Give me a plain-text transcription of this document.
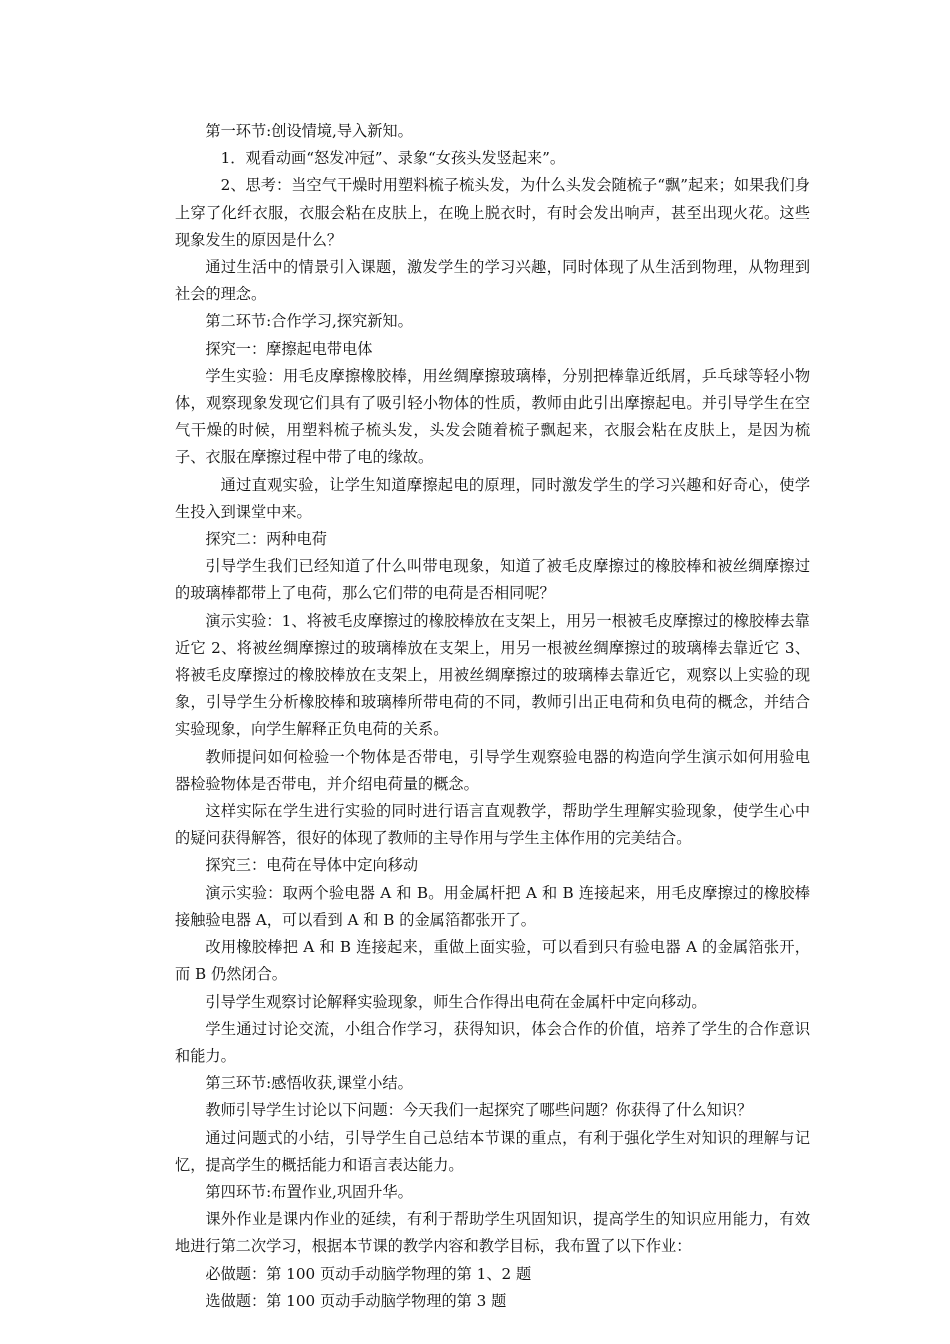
第一环节:创设情境,导入新知。

1．观看动画“怒发冲冠”、录象“女孩头发竖起来”。

2、思考：当空气干燥时用塑料梳子梳头发，为什么头发会随梳子“飘”起来；如果我们身上穿了化纤衣服，衣服会粘在皮肤上，在晚上脱衣时，有时会发出响声，甚至出现火花。这些现象发生的原因是什么？

通过生活中的情景引入课题，激发学生的学习兴趣，同时体现了从生活到物理，从物理到社会的理念。

第二环节:合作学习,探究新知。

探究一：摩擦起电带电体

学生实验：用毛皮摩擦橡胶棒，用丝绸摩擦玻璃棒，分别把棒靠近纸屑，乒乓球等轻小物体，观察现象发现它们具有了吸引轻小物体的性质，教师由此引出摩擦起电。并引导学生在空气干燥的时候，用塑料梳子梳头发，头发会随着梳子飘起来，衣服会粘在皮肤上，是因为梳子、衣服在摩擦过程中带了电的缘故。

通过直观实验，让学生知道摩擦起电的原理，同时激发学生的学习兴趣和好奇心，使学生投入到课堂中来。

探究二：两种电荷

引导学生我们已经知道了什么叫带电现象，知道了被毛皮摩擦过的橡胶棒和被丝绸摩擦过的玻璃棒都带上了电荷，那么它们带的电荷是否相同呢？

演示实验：1、将被毛皮摩擦过的橡胶棒放在支架上，用另一根被毛皮摩擦过的橡胶棒去靠近它 2、将被丝绸摩擦过的玻璃棒放在支架上，用另一根被丝绸摩擦过的玻璃棒去靠近它 3、将被毛皮摩擦过的橡胶棒放在支架上，用被丝绸摩擦过的玻璃棒去靠近它，观察以上实验的现象，引导学生分析橡胶棒和玻璃棒所带电荷的不同，教师引出正电荷和负电荷的概念，并结合实验现象，向学生解释正负电荷的关系。

教师提问如何检验一个物体是否带电，引导学生观察验电器的构造向学生演示如何用验电器检验物体是否带电，并介绍电荷量的概念。

这样实际在学生进行实验的同时进行语言直观教学，帮助学生理解实验现象，使学生心中的疑问获得解答，很好的体现了教师的主导作用与学生主体作用的完美结合。

探究三：电荷在导体中定向移动

演示实验：取两个验电器 A 和 B。用金属杆把 A 和 B 连接起来，用毛皮摩擦过的橡胶棒接触验电器 A，可以看到 A 和 B 的金属箔都张开了。

改用橡胶棒把 A 和 B 连接起来，重做上面实验，可以看到只有验电器 A 的金属箔张开，而 B 仍然闭合。

引导学生观察讨论解释实验现象，师生合作得出电荷在金属杆中定向移动。

学生通过讨论交流，小组合作学习，获得知识，体会合作的价值，培养了学生的合作意识和能力。

第三环节:感悟收获,课堂小结。

教师引导学生讨论以下问题：今天我们一起探究了哪些问题？你获得了什么知识？

通过问题式的小结，引导学生自己总结本节课的重点，有利于强化学生对知识的理解与记忆，提高学生的概括能力和语言表达能力。

第四环节:布置作业,巩固升华。

课外作业是课内作业的延续，有利于帮助学生巩固知识，提高学生的知识应用能力，有效地进行第二次学习，根据本节课的教学内容和教学目标，我布置了以下作业：

必做题：第 100 页动手动脑学物理的第 1、2 题

选做题：第 100 页动手动脑学物理的第 3 题
